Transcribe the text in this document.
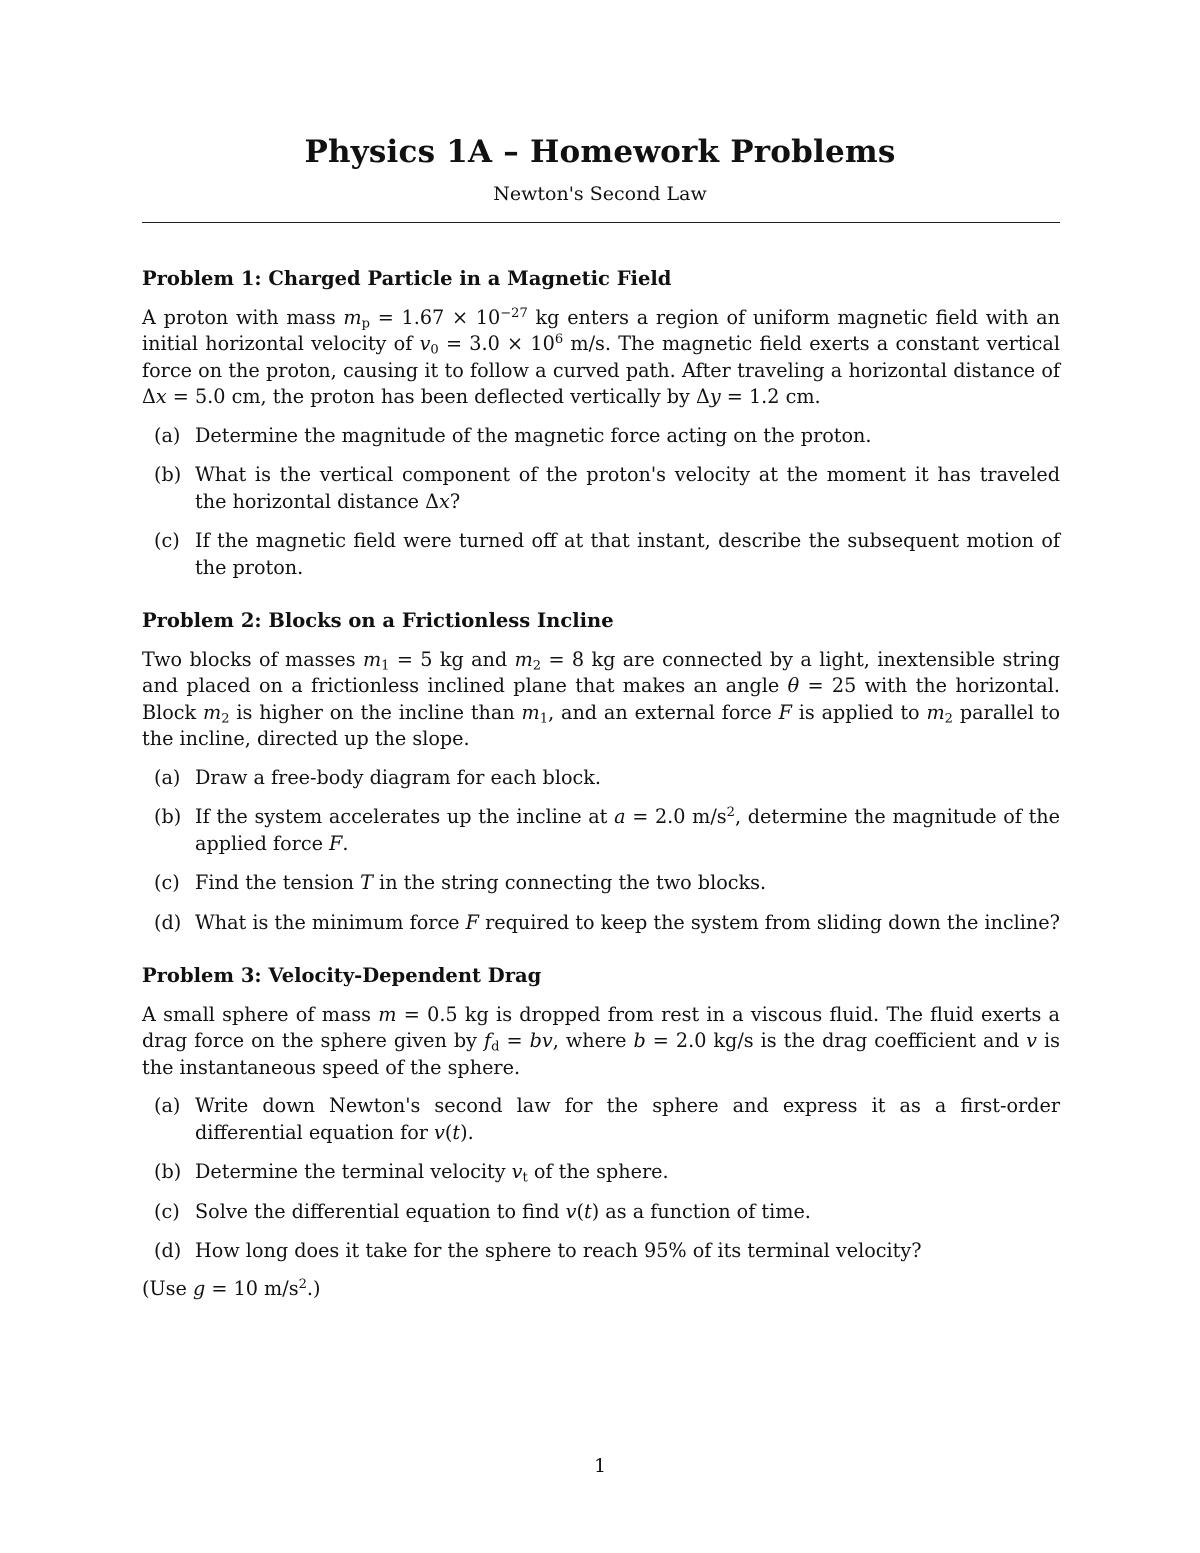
Physics 1A – Homework Problems
Newton's Second Law
Problem 1: Charged Particle in a Magnetic Field
A proton with mass $m_p = 1.67 \times 10^{-27}$ kg enters a region of uniform magnetic field with an initial horizontal velocity of $v_0 = 3.0 \times 10^6$ m/s. The magnetic field exerts a constant vertical force on the proton, causing it to follow a curved path. After traveling a horizontal distance of Δx = 5.0 cm, the proton has been deflected vertically by Δy = 1.2 cm.
(a) Determine the magnitude of the magnetic force acting on the proton.
(b) What is the vertical component of the proton's velocity at the moment it has traveled the horizontal distance Δx?
(c) If the magnetic field were turned off at that instant, describe the subsequent motion of the proton.
Problem 2: Blocks on a Frictionless Incline
Two blocks of masses $m_1 = 5$ kg and $m_2 = 8$ kg are connected by a light, inextensible string and placed on a frictionless inclined plane that makes an angle θ = 25 with the horizontal. Block $m_2$ is higher on the incline than $m_1$, and an external force F is applied to $m_2$ parallel to the incline, directed up the slope.
(a) Draw a free-body diagram for each block.
(b) If the system accelerates up the incline at a = 2.0 $m/s^2$, determine the magnitude of the applied force F.
(c) Find the tension T in the string connecting the two blocks.
(d) What is the minimum force F required to keep the system from sliding down the incline?
Problem 3: Velocity-Dependent Drag
A small sphere of mass m = 0.5 kg is dropped from rest in a viscous fluid. The fluid exerts a drag force on the sphere given by $f_d$ = bv, where b = 2.0 kg/s is the drag coefficient and v is the instantaneous speed of the sphere.
(a) Write down Newton's second law for the sphere and express it as a first-order differential equation for v(t).
(b) Determine the terminal velocity $v_t$ of the sphere.
(c) Solve the differential equation to find v(t) as a function of time.
(d) How long does it take for the sphere to reach 95% of its terminal velocity?
(Use g = 10 $m/s^2$.)
1
